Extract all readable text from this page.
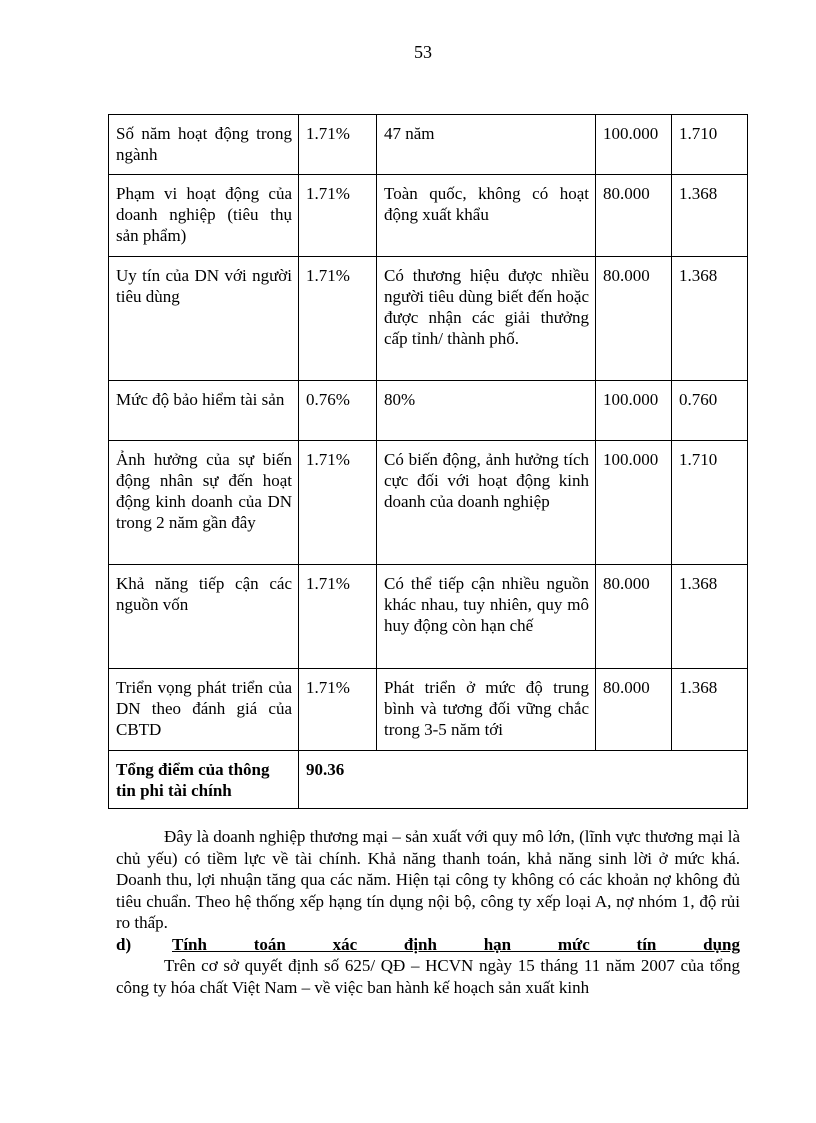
53
Số năm hoạt động trong ngành	1.71%	47 năm	100.000	1.710
Phạm vi hoạt động của doanh nghiệp (tiêu thụ sản phẩm)	1.71%	Toàn quốc, không có hoạt động xuất khẩu	80.000	1.368
Uy tín của DN với người tiêu dùng	1.71%	Có thương hiệu được nhiều người tiêu dùng biết đến hoặc được nhận các giải thưởng cấp tỉnh/ thành phố.	80.000	1.368
Mức độ bảo hiểm tài sản	0.76%	80%	100.000	0.760
Ảnh hưởng của sự biến động nhân sự đến hoạt động kinh doanh của DN trong 2 năm gần đây	1.71%	Có biến động, ảnh hưởng tích cực đối với hoạt động kinh doanh của doanh nghiệp	100.000	1.710
Khả năng tiếp cận các nguồn vốn	1.71%	Có thể tiếp cận nhiều nguồn khác nhau, tuy nhiên, quy mô huy động còn hạn chế	80.000	1.368
Triển vọng phát triển của DN theo đánh giá của CBTD	1.71%	Phát triển ở mức độ trung bình và tương đối vững chắc trong 3-5 năm tới	80.000	1.368
Tổng điểm của thông tin phi tài chính	90.36			

Đây là doanh nghiệp thương mại – sản xuất với quy mô lớn, (lĩnh vực thương mại là chủ yếu) có tiềm lực về tài chính. Khả năng thanh toán, khả năng sinh lời ở mức khá. Doanh thu, lợi nhuận tăng qua các năm. Hiện tại công ty không có các khoản nợ không đủ tiêu chuẩn. Theo hệ thống xếp hạng tín dụng nội bộ, công ty xếp loại A, nợ nhóm 1, độ rủi ro thấp.

d)	Tính toán xác định hạn mức tín dụng

Trên cơ sở quyết định số 625/ QĐ – HCVN ngày 15 tháng 11 năm 2007 của tổng công ty hóa chất Việt Nam – về việc ban hành kế hoạch sản xuất kinh
